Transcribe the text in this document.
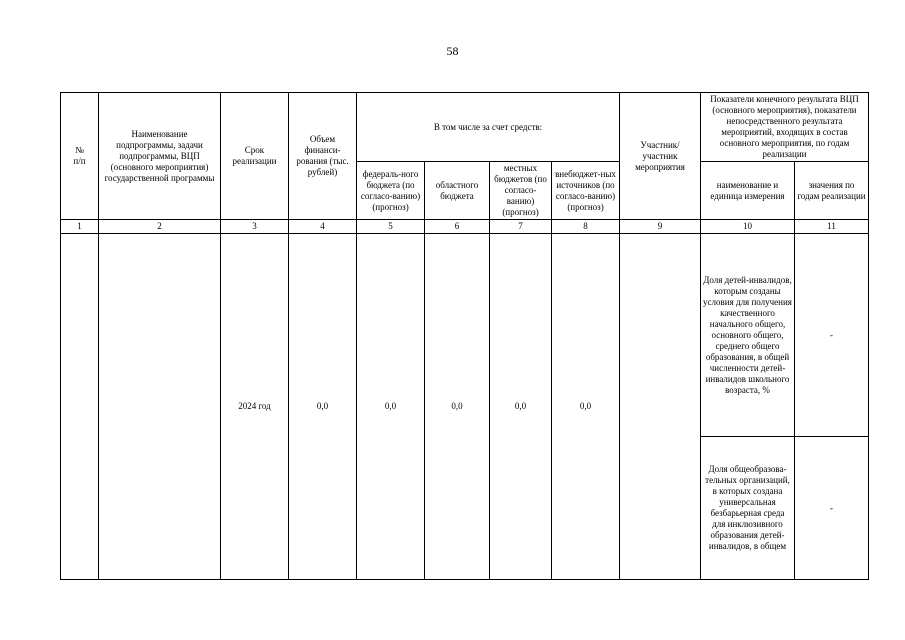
58
№
п/п	Наименование подпрограммы, задачи подпрограммы, ВЦП (основного мероприятия) государственной программы	Срок реализации	Объем финанси-рования (тыс. рублей)	В том числе за счет средств:				Участник/ участник мероприятия	Показатели конечного результата ВЦП (основного мероприятия), показатели непосредственного результата мероприятий, входящих в состав основного мероприятия, по годам реализации	
				федераль-ного бюджета (по согласо-ванию) (прогноз)	областного бюджета	местных бюджетов (по согласо-ванию) (прогноз)	внебюджет-ных источников (по согласо-ванию) (прогноз)		наименование и единица измерения	значения по годам реализации

1	2	3	4	5	6	7	8	9	10	11
		2024 год	0,0	0,0	0,0	0,0	0,0		Доля детей-инвалидов, которым созданы условия для получения качественного начального общего, основного общего, среднего общего образования, в общей численности детей-инвалидов школьного возраста, %	-
									Доля общеобразова-тельных организаций, в которых создана универсальная безбарьерная среда для инклюзивного образования детей-инвалидов, в общем	-
